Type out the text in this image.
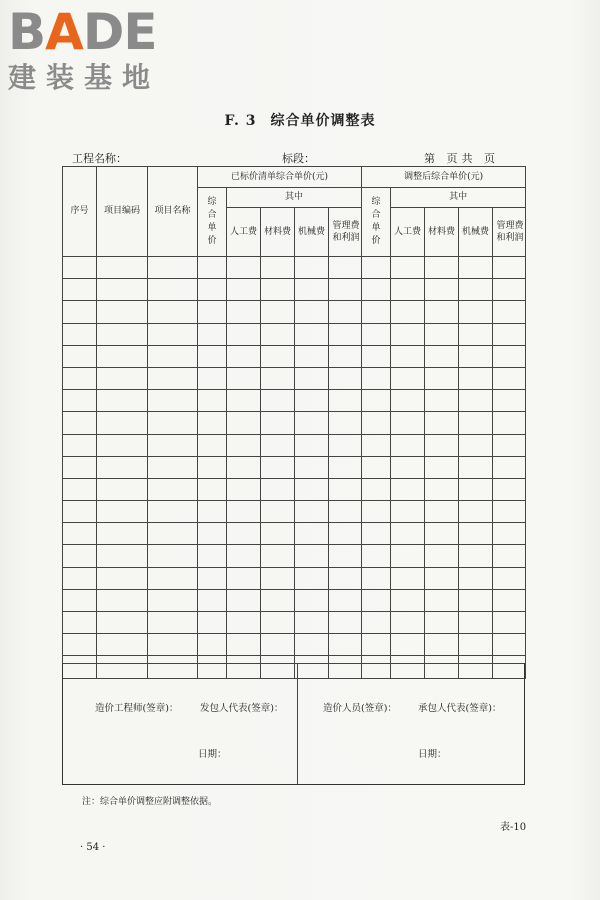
BADE
建装基地
F. 3 综合单价调整表
工程名称：	标段：	第 页共 页
序号	项目编码	项目名称	已标价清单综合单价(元)					调整后综合单价(元)				
			综合单价	其中				综合单价	其中			
				人工费	材料费	机械费	管理费和利润		人工费	材料费	机械费	管理费和利润

造价工程师(签章)： 发包人代表(签章)：	造价人员(签章)： 承包人代表(签章)：
日期：	日期：
注：综合单价调整应附调整依据。
表-10
· 54 ·
